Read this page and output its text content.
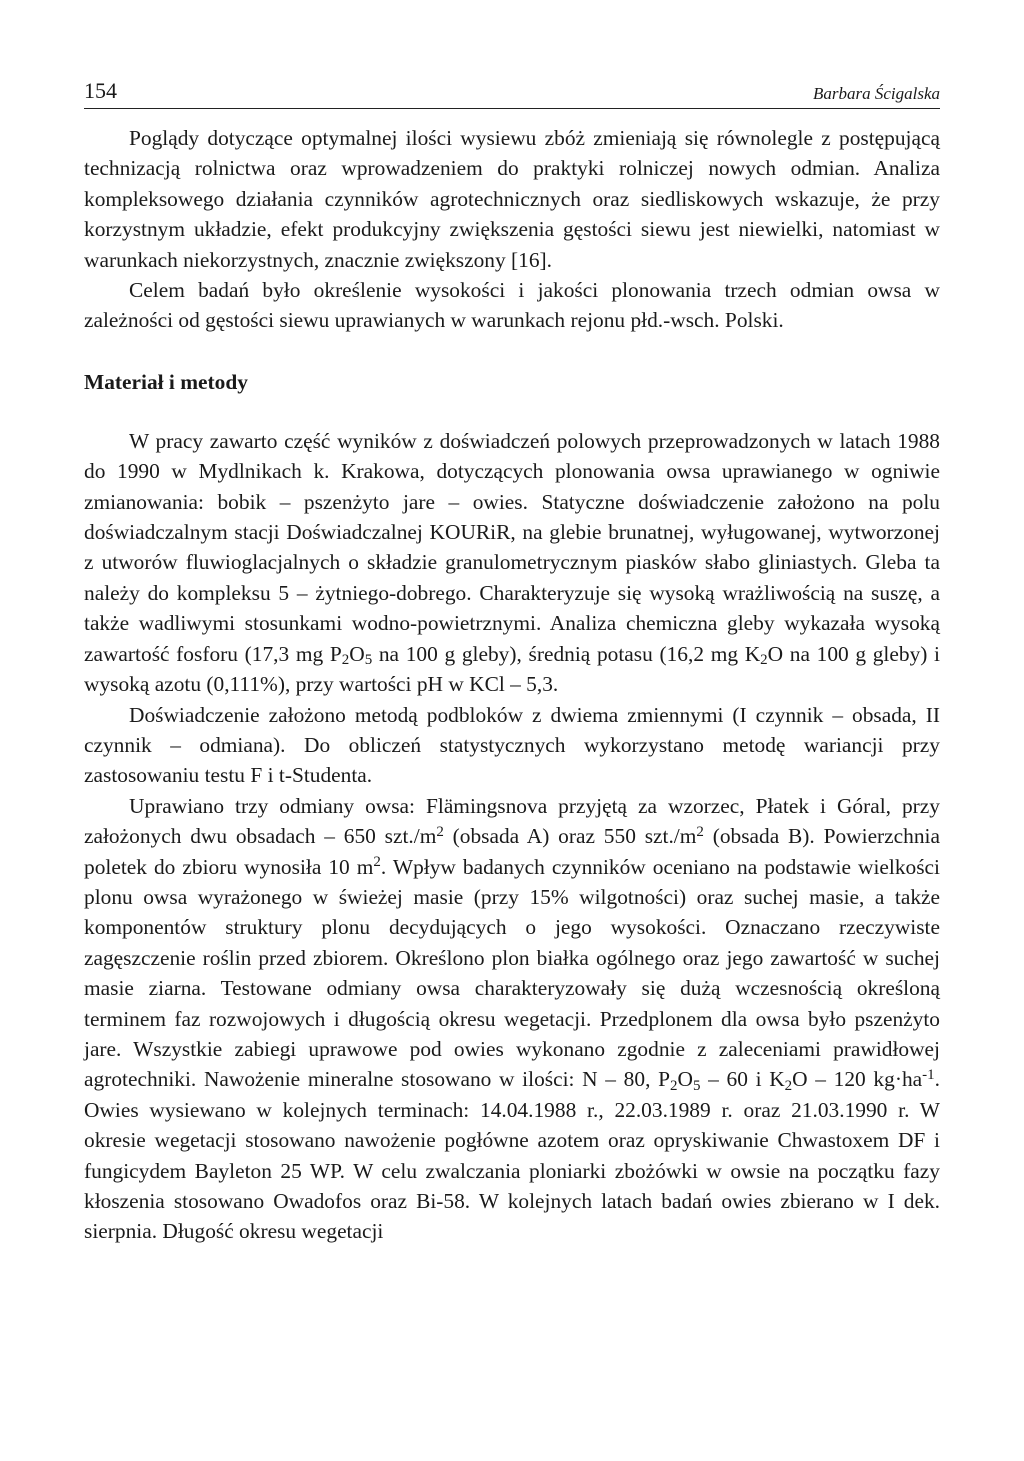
154	Barbara Ścigalska

Poglądy dotyczące optymalnej ilości wysiewu zbóż zmieniają się równolegle z postępującą technizacją rolnictwa oraz wprowadzeniem do praktyki rolniczej nowych odmian. Analiza kompleksowego działania czynników agrotechnicznych oraz siedliskowych wskazuje, że przy korzystnym układzie, efekt produkcyjny zwiększenia gęstości siewu jest niewielki, natomiast w warunkach niekorzystnych, znacznie zwiększony [16].

Celem badań było określenie wysokości i jakości plonowania trzech odmian owsa w zależności od gęstości siewu uprawianych w warunkach rejonu płd.-wsch. Polski.

Materiał i metody

W pracy zawarto część wyników z doświadczeń polowych przeprowadzonych w latach 1988 do 1990 w Mydlnikach k. Krakowa, dotyczących plonowania owsa uprawianego w ogniwie zmianowania: bobik – pszenżyto jare – owies. Statyczne doświadczenie założono na polu doświadczalnym stacji Doświadczalnej KOURiR, na glebie brunatnej, wyługowanej, wytworzonej z utworów fluwioglacjalnych o składzie granulometrycznym piasków słabo gliniastych. Gleba ta należy do kompleksu 5 – żytniego-dobrego. Charakteryzuje się wysoką wrażliwością na suszę, a także wadliwymi stosunkami wodno-powietrznymi. Analiza chemiczna gleby wykazała wysoką zawartość fosforu (17,3 mg $P_2O_5$ na 100 g gleby), średnią potasu (16,2 mg $K_2O$ na 100 g gleby) i wysoką azotu (0,111%), przy wartości pH w KCl – 5,3.

Doświadczenie założono metodą podbloków z dwiema zmiennymi (I czynnik – obsada, II czynnik – odmiana). Do obliczeń statystycznych wykorzystano metodę wariancji przy zastosowaniu testu F i t-Studenta.

Uprawiano trzy odmiany owsa: Flämingsnova przyjętą za wzorzec, Płatek i Góral, przy założonych dwu obsadach – 650 $szt./m^2$ (obsada A) oraz 550 $szt./m^2$ (obsada B). Powierzchnia poletek do zbioru wynosiła 10 $m^2$. Wpływ badanych czynników oceniano na podstawie wielkości plonu owsa wyrażonego w świeżej masie (przy 15% wilgotności) oraz suchej masie, a także komponentów struktury plonu decydujących o jego wysokości. Oznaczano rzeczywiste zagęszczenie roślin przed zbiorem. Określono plon białka ogólnego oraz jego zawartość w suchej masie ziarna. Testowane odmiany owsa charakteryzowały się dużą wczesnością określoną terminem faz rozwojowych i długością okresu wegetacji. Przedplonem dla owsa było pszenżyto jare. Wszystkie zabiegi uprawowe pod owies wykonano zgodnie z zaleceniami prawidłowej agrotechniki. Nawożenie mineralne stosowano w ilości: N – 80, $P_2O_5 - 60$ i $K_2O - 120$ $kg\cdot ha^{-1}$. Owies wysiewano w kolejnych terminach: 14.04.1988 r., 22.03.1989 r. oraz 21.03.1990 r. W okresie wegetacji stosowano nawożenie pogłówne azotem oraz opryskiwanie Chwastoxem DF i fungicydem Bayleton 25 WP. W celu zwalczania ploniarki zbożówki w owsie na początku fazy kłoszenia stosowano Owadofos oraz Bi-58. W kolejnych latach badań owies zbierano w I dek. sierpnia. Długość okresu wegetacji
